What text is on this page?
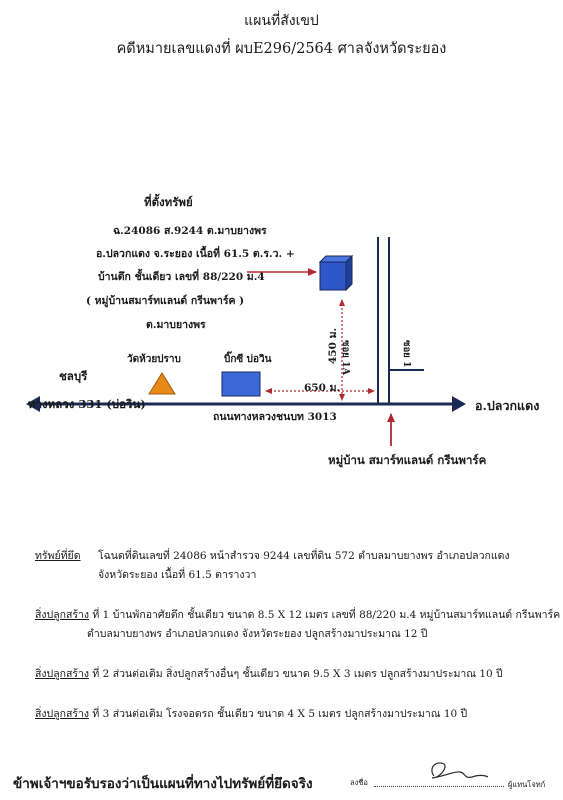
แผนที่สังเขป
คดีหมายเลขแดงที่ ผบE296/2564 ศาลจังหวัดระยอง
ที่ตั้งทรัพย์
ฉ.24086 ส.9244 ต.มาบยางพร
อ.ปลวกแดง จ.ระยอง เนื้อที่ 61.5 ต.ร.ว. +
บ้านตึก ชั้นเดียว เลขที่ 88/220 ม.4
( หมู่บ้านสมาร์ทแลนด์ กรีนพาร์ค )
ต.มาบยางพร
วัดห้วยปราบ	บิ๊กซี บ่อวิน	ซอย 1A	ซอย 1
450 ม.
650 ม.
ชลบุรี
ทางหลวง 331 (บ่อวิน)
ถนนทางหลวงชนบท 3013
อ.ปลวกแดง
หมู่บ้าน สมาร์ทแลนด์ กรีนพาร์ค
ทรัพย์ที่ยึด โฉนดที่ดินเลขที่ 24086 หน้าสำรวจ 9244 เลขที่ดิน 572 ตำบลมาบยางพร อำเภอปลวกแดง
จังหวัดระยอง เนื้อที่ 61.5 ตารางวา
สิ่งปลูกสร้าง ที่ 1 บ้านพักอาศัยตึก ชั้นเดียว ขนาด 8.5 X 12 เมตร เลขที่ 88/220 ม.4 หมู่บ้านสมาร์ทแลนด์ กรีนพาร์ค
ตำบลมาบยางพร อำเภอปลวกแดง จังหวัดระยอง ปลูกสร้างมาประมาณ 12 ปี
สิ่งปลูกสร้าง ที่ 2 ส่วนต่อเติม สิ่งปลูกสร้างอื่นๆ ชั้นเดียว ขนาด 9.5 X 3 เมตร ปลูกสร้างมาประมาณ 10 ปี
สิ่งปลูกสร้าง ที่ 3 ส่วนต่อเติม โรงจอดรถ ชั้นเดียว ขนาด 4 X 5 เมตร ปลูกสร้างมาประมาณ 10 ปี
ข้าพเจ้าฯขอรับรองว่าเป็นแผนที่ทางไปทรัพย์ที่ยึดจริง	ลงชื่อ	ผู้แทนโจทก์
